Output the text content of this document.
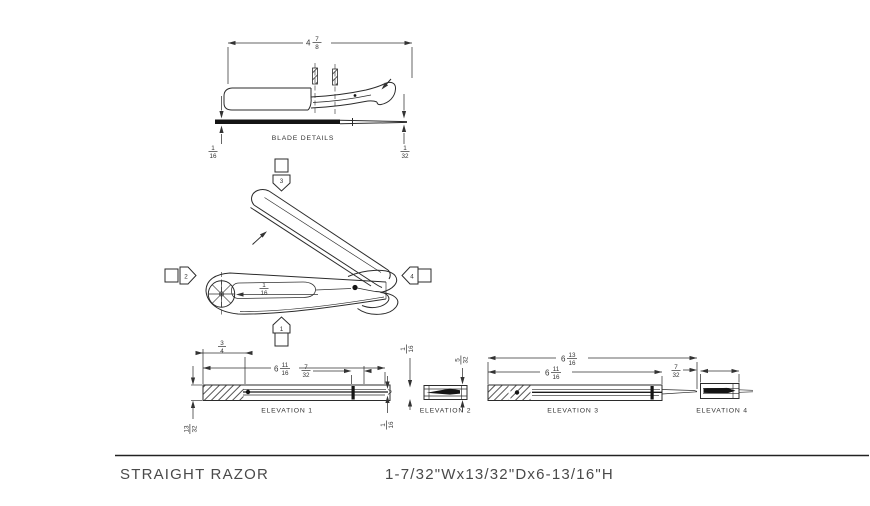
4 7
8
1
16
1
32
BLADE DETAILS
3
2	4
1
1
16
3
4
6 11
16
7
32
13 32
1 16
1 16
ELEVATION 1
5 32
ELEVATION 2
6 13
16
6 11
16
7
32
ELEVATION 3	ELEVATION 4
STRAIGHT RAZOR	1-7/32"Wx13/32"Dx6-13/16"H
